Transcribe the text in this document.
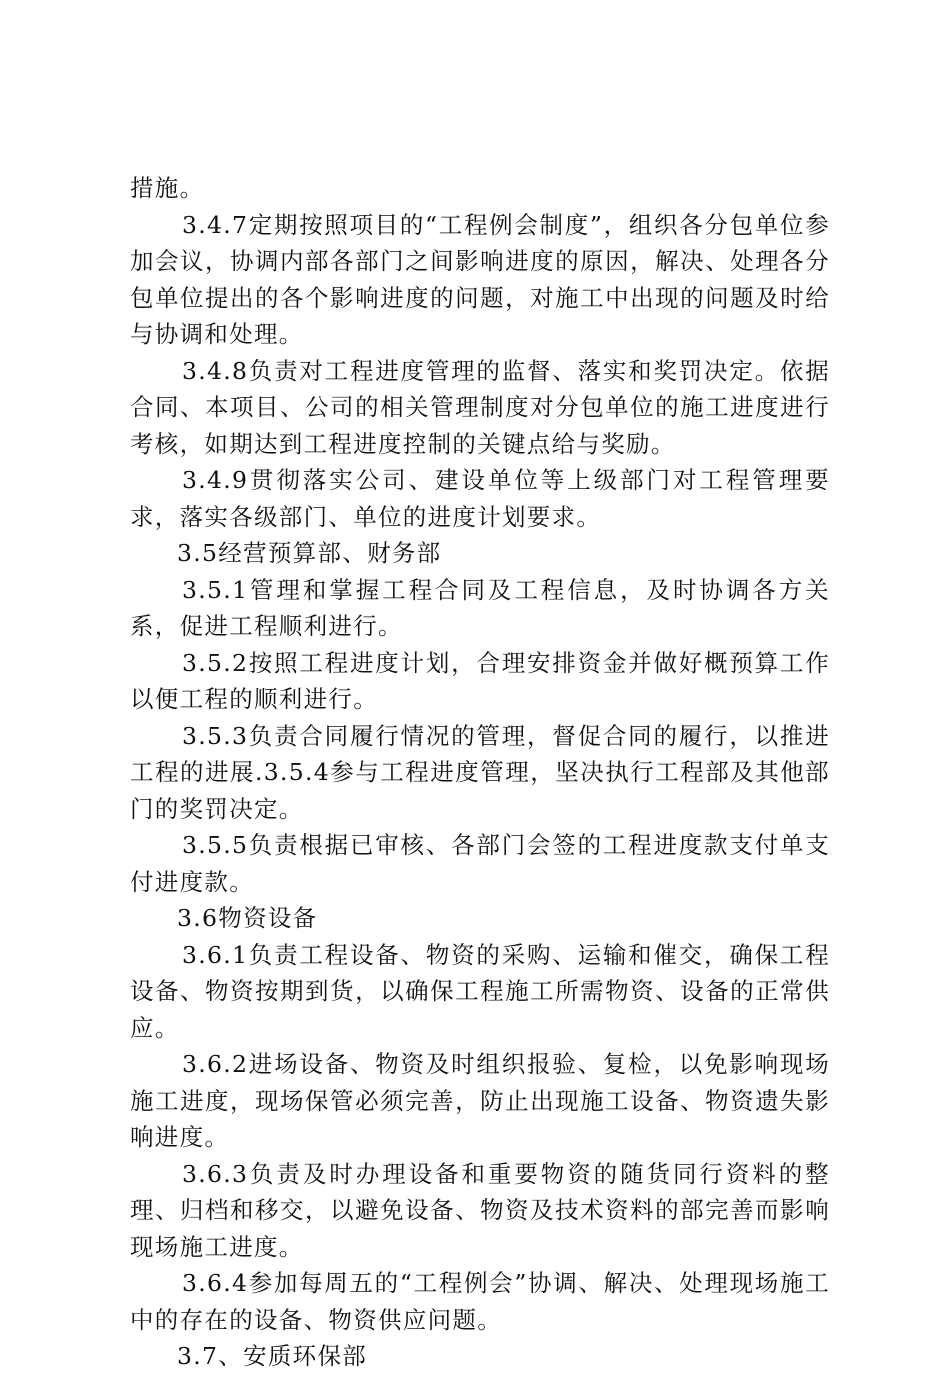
措施。

3.4.7定期按照项目的“工程例会制度”，组织各分包单位参加会议，协调内部各部门之间影响进度的原因，解决、处理各分包单位提出的各个影响进度的问题，对施工中出现的问题及时给与协调和处理。

3.4.8负责对工程进度管理的监督、落实和奖罚决定。依据合同、本项目、公司的相关管理制度对分包单位的施工进度进行考核，如期达到工程进度控制的关键点给与奖励。

3.4.9贯彻落实公司、建设单位等上级部门对工程管理要求，落实各级部门、单位的进度计划要求。

3.5经营预算部、财务部

3.5.1管理和掌握工程合同及工程信息，及时协调各方关系，促进工程顺利进行。

3.5.2按照工程进度计划，合理安排资金并做好概预算工作以便工程的顺利进行。

3.5.3负责合同履行情况的管理，督促合同的履行，以推进工程的进展.3.5.4参与工程进度管理，坚决执行工程部及其他部门的奖罚决定。

3.5.5负责根据已审核、各部门会签的工程进度款支付单支付进度款。

3.6物资设备

3.6.1负责工程设备、物资的采购、运输和催交，确保工程设备、物资按期到货，以确保工程施工所需物资、设备的正常供应。

3.6.2进场设备、物资及时组织报验、复检，以免影响现场施工进度，现场保管必须完善，防止出现施工设备、物资遗失影响进度。

3.6.3负责及时办理设备和重要物资的随货同行资料的整理、归档和移交，以避免设备、物资及技术资料的部完善而影响现场施工进度。

3.6.4参加每周五的“工程例会”协调、解决、处理现场施工中的存在的设备、物资供应问题。

3.7、安质环保部
